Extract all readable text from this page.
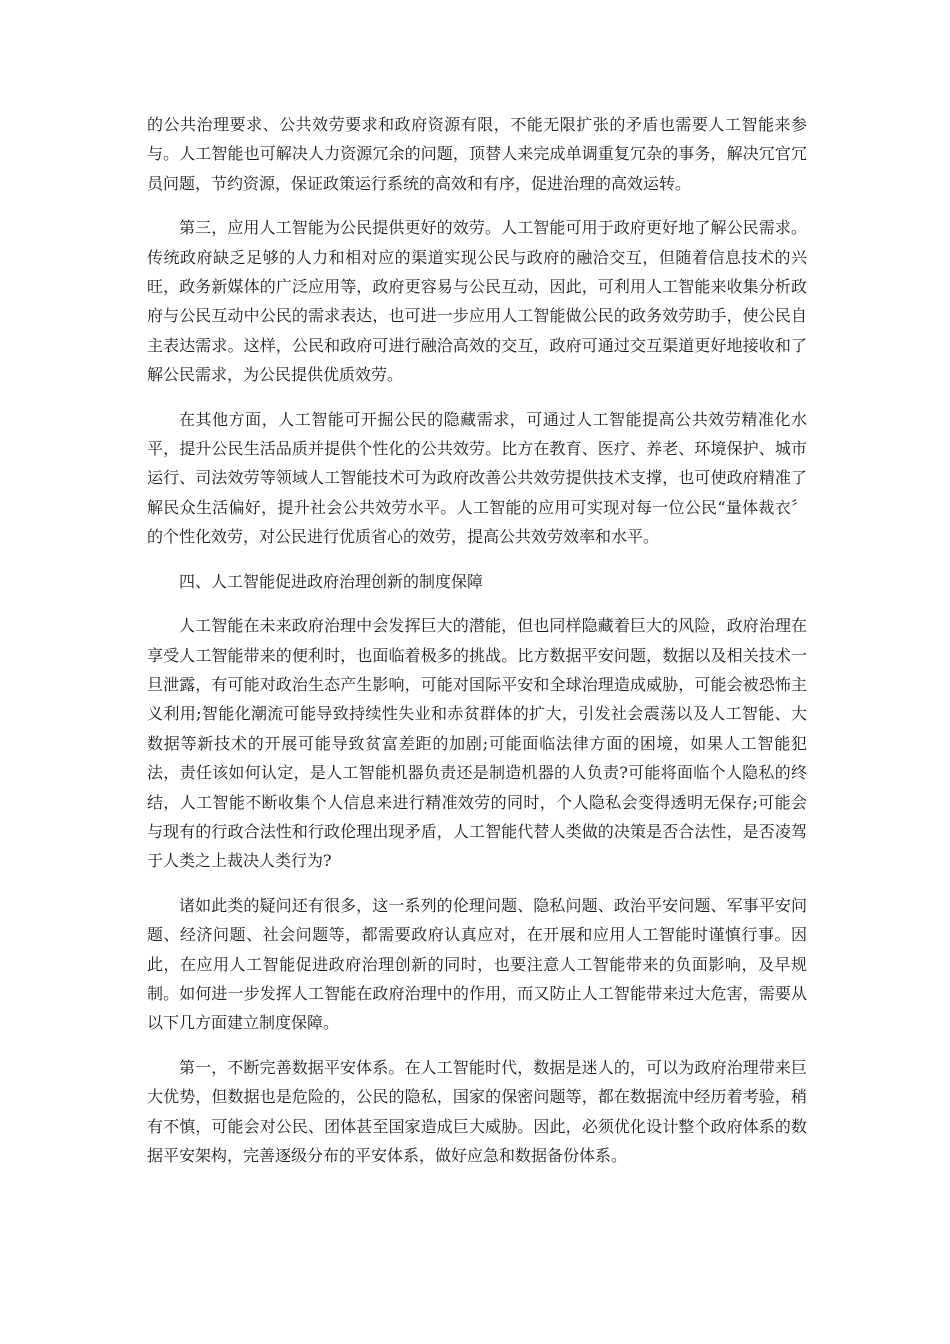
的公共治理要求、公共效劳要求和政府资源有限，不能无限扩张的矛盾也需要人工智能来参与。人工智能也可解决人力资源冗余的问题，顶替人来完成单调重复冗杂的事务，解决冗官冗员问题，节约资源，保证政策运行系统的高效和有序，促进治理的高效运转。

第三，应用人工智能为公民提供更好的效劳。人工智能可用于政府更好地了解公民需求。传统政府缺乏足够的人力和相对应的渠道实现公民与政府的融洽交互，但随着信息技术的兴旺，政务新媒体的广泛应用等，政府更容易与公民互动，因此，可利用人工智能来收集分析政府与公民互动中公民的需求表达，也可进一步应用人工智能做公民的政务效劳助手，使公民自主表达需求。这样，公民和政府可进行融洽高效的交互，政府可通过交互渠道更好地接收和了解公民需求，为公民提供优质效劳。

在其他方面，人工智能可开掘公民的隐藏需求，可通过人工智能提高公共效劳精准化水平，提升公民生活品质并提供个性化的公共效劳。比方在教育、医疗、养老、环境保护、城市运行、司法效劳等领域人工智能技术可为政府改善公共效劳提供技术支撑，也可使政府精准了解民众生活偏好，提升社会公共效劳水平。人工智能的应用可实现对每一位公民“量体裁衣〞的个性化效劳，对公民进行优质省心的效劳，提高公共效劳效率和水平。

四、人工智能促进政府治理创新的制度保障

人工智能在未来政府治理中会发挥巨大的潜能，但也同样隐藏着巨大的风险，政府治理在享受人工智能带来的便利时，也面临着极多的挑战。比方数据平安问题，数据以及相关技术一旦泄露，有可能对政治生态产生影响，可能对国际平安和全球治理造成威胁，可能会被恐怖主义利用;智能化潮流可能导致持续性失业和赤贫群体的扩大，引发社会震荡以及人工智能、大数据等新技术的开展可能导致贫富差距的加剧;可能面临法律方面的困境，如果人工智能犯法，责任该如何认定，是人工智能机器负责还是制造机器的人负责?可能将面临个人隐私的终结，人工智能不断收集个人信息来进行精准效劳的同时，个人隐私会变得透明无保存;可能会与现有的行政合法性和行政伦理出现矛盾，人工智能代替人类做的决策是否合法性，是否凌驾于人类之上裁决人类行为?

诸如此类的疑问还有很多，这一系列的伦理问题、隐私问题、政治平安问题、军事平安问题、经济问题、社会问题等，都需要政府认真应对，在开展和应用人工智能时谨慎行事。因此，在应用人工智能促进政府治理创新的同时，也要注意人工智能带来的负面影响，及早规制。如何进一步发挥人工智能在政府治理中的作用，而又防止人工智能带来过大危害，需要从以下几方面建立制度保障。

第一，不断完善数据平安体系。在人工智能时代，数据是迷人的，可以为政府治理带来巨大优势，但数据也是危险的，公民的隐私，国家的保密问题等，都在数据流中经历着考验，稍有不慎，可能会对公民、团体甚至国家造成巨大威胁。因此，必须优化设计整个政府体系的数据平安架构，完善逐级分布的平安体系，做好应急和数据备份体系。
